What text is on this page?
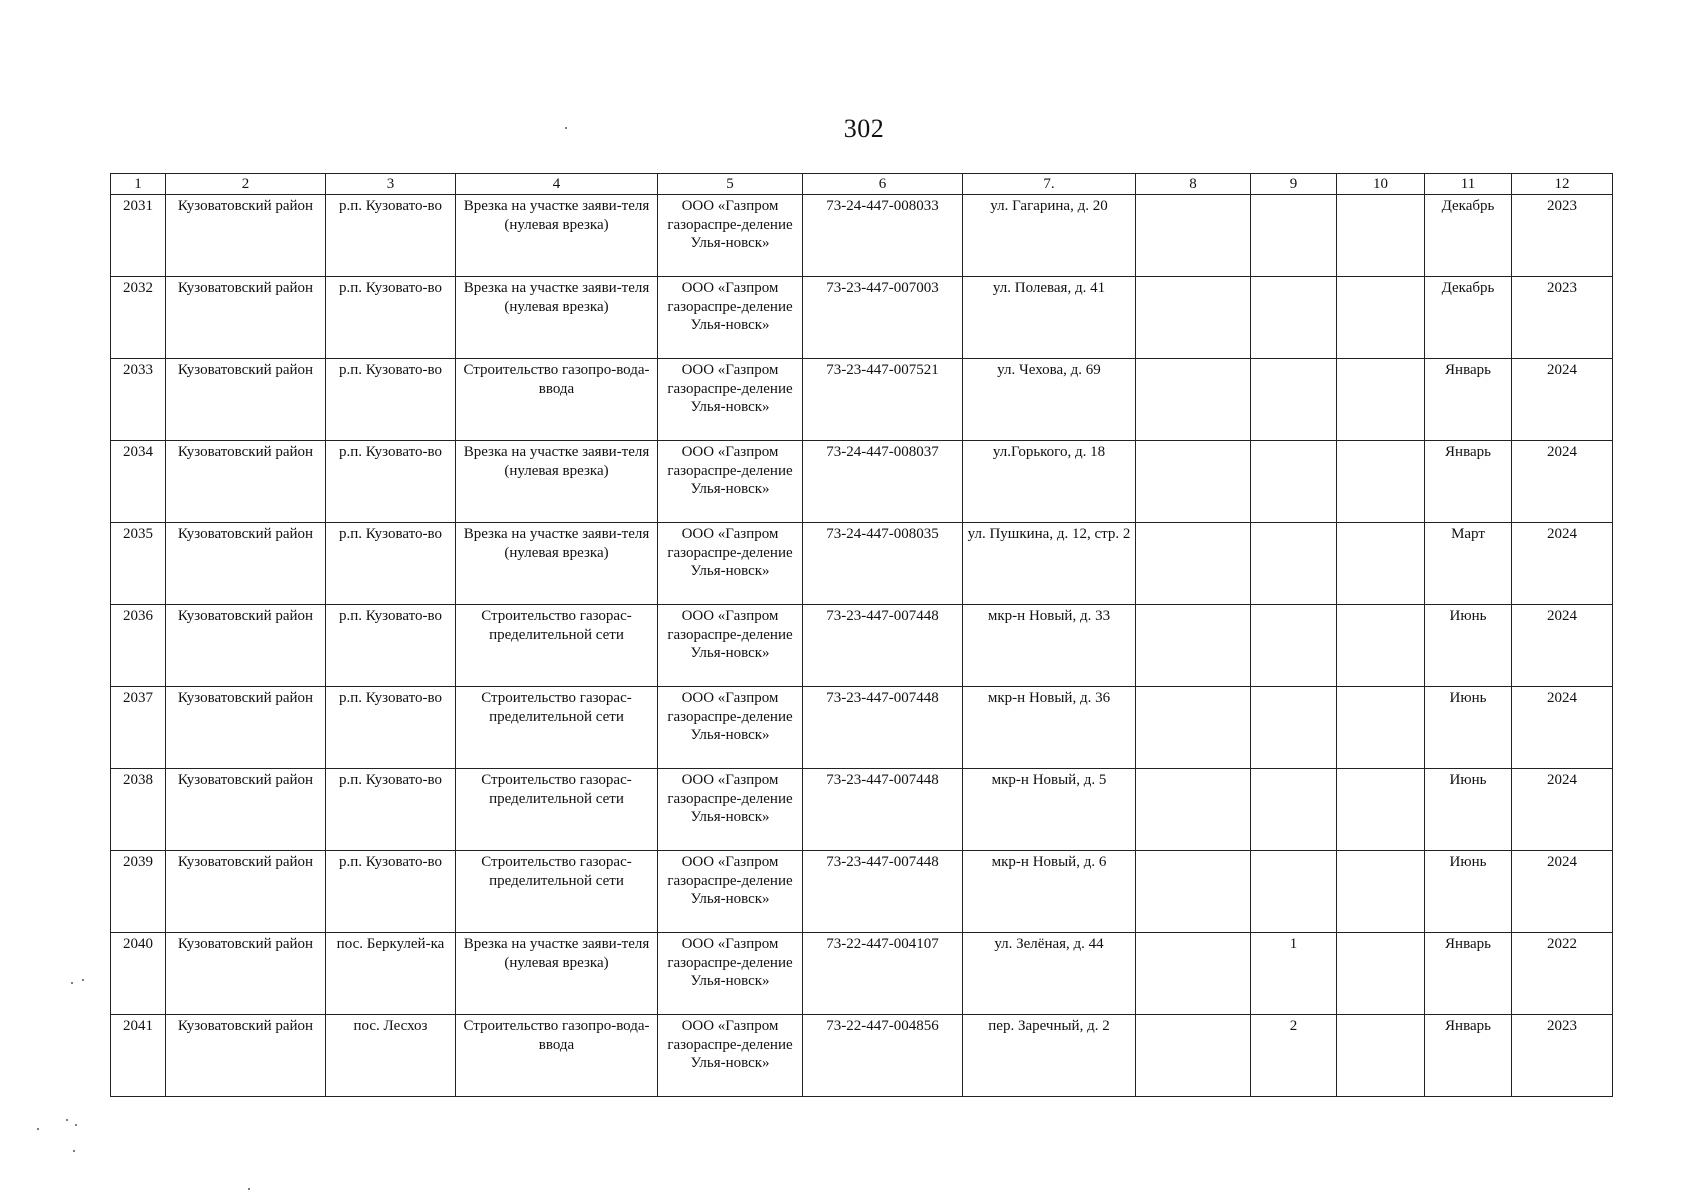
302
1	2	3	4	5	6	7.	8	9	10	11	12
2031	Кузоватовский район	р.п. Кузовато-во	Врезка на участке заяви-теля (нулевая врезка)	ООО «Газпром газораспре-деление Улья-новск»	73-24-447-008033	ул. Гагарина, д. 20				Декабрь	2023
2032	Кузоватовский район	р.п. Кузовато-во	Врезка на участке заяви-теля (нулевая врезка)	ООО «Газпром газораспре-деление Улья-новск»	73-23-447-007003	ул. Полевая, д. 41				Декабрь	2023
2033	Кузоватовский район	р.п. Кузовато-во	Строительство газопро-вода-ввода	ООО «Газпром газораспре-деление Улья-новск»	73-23-447-007521	ул. Чехова, д. 69				Январь	2024
2034	Кузоватовский район	р.п. Кузовато-во	Врезка на участке заяви-теля (нулевая врезка)	ООО «Газпром газораспре-деление Улья-новск»	73-24-447-008037	ул.Горького, д. 18				Январь	2024
2035	Кузоватовский район	р.п. Кузовато-во	Врезка на участке заяви-теля (нулевая врезка)	ООО «Газпром газораспре-деление Улья-новск»	73-24-447-008035	ул. Пушкина, д. 12, стр. 2				Март	2024
2036	Кузоватовский район	р.п. Кузовато-во	Строительство газорас-пределительной сети	ООО «Газпром газораспре-деление Улья-новск»	73-23-447-007448	мкр-н Новый, д. 33				Июнь	2024
2037	Кузоватовский район	р.п. Кузовато-во	Строительство газорас-пределительной сети	ООО «Газпром газораспре-деление Улья-новск»	73-23-447-007448	мкр-н Новый, д. 36				Июнь	2024
2038	Кузоватовский район	р.п. Кузовато-во	Строительство газорас-пределительной сети	ООО «Газпром газораспре-деление Улья-новск»	73-23-447-007448	мкр-н Новый, д. 5				Июнь	2024
2039	Кузоватовский район	р.п. Кузовато-во	Строительство газорас-пределительной сети	ООО «Газпром газораспре-деление Улья-новск»	73-23-447-007448	мкр-н Новый, д. 6				Июнь	2024
2040	Кузоватовский район	пос. Беркулей-ка	Врезка на участке заяви-теля (нулевая врезка)	ООО «Газпром газораспре-деление Улья-новск»	73-22-447-004107	ул. Зелёная, д. 44		1		Январь	2022
2041	Кузоватовский район	пос. Лесхоз	Строительство газопро-вода-ввода	ООО «Газпром газораспре-деление Улья-новск»	73-22-447-004856	пер. Заречный, д. 2		2		Январь	2023
